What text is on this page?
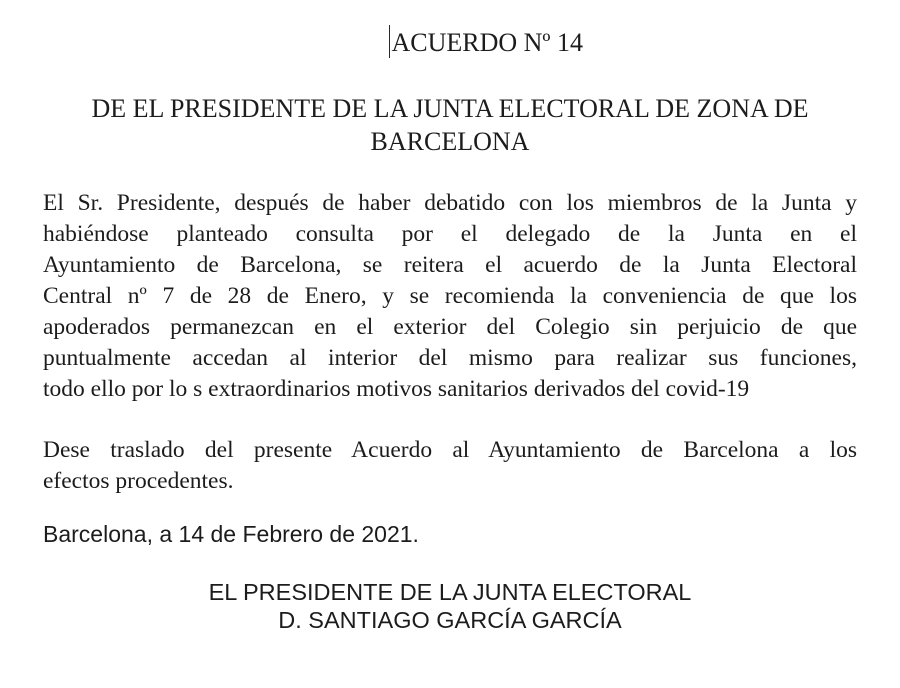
ACUERDO Nº 14
DE EL PRESIDENTE DE LA JUNTA ELECTORAL DE ZONA DE
BARCELONA
El Sr. Presidente, después de haber debatido con los miembros de la Junta y
habiéndose planteado consulta por el delegado de la Junta en el
Ayuntamiento de Barcelona, se reitera el acuerdo de la Junta Electoral
Central nº 7 de 28 de Enero, y se recomienda la conveniencia de que los
apoderados permanezcan en el exterior del Colegio sin perjuicio de que
puntualmente accedan al interior del mismo para realizar sus funciones,
todo ello por lo s extraordinarios motivos sanitarios derivados del covid-19
Dese traslado del presente Acuerdo al Ayuntamiento de Barcelona a los
efectos procedentes.
Barcelona, a 14 de Febrero de 2021.
EL PRESIDENTE DE LA JUNTA ELECTORAL
D. SANTIAGO GARCÍA GARCÍA
